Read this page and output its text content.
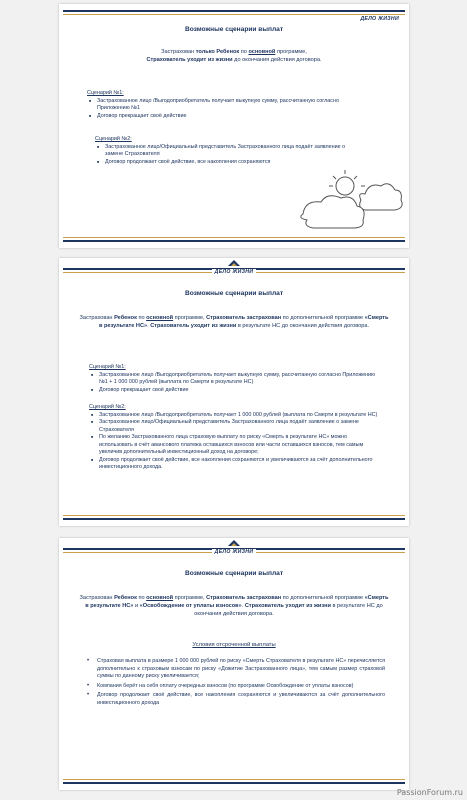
ДЕЛО ЖИЗНИ
Возможные сценарии выплат
Застрахован только Ребенок по основной программе,
Страхователь уходит из жизни до окончания действия договора.
Сценарий №1:
■ Застрахованное лицо /Выгодоприобретатель получает выкупную сумму, рассчитанную согласно Приложению №1
■ Договор прекращает своё действие
Сценарий №2:
■ Застрахованное лицо/Официальный представитель Застрахованного лица подаёт заявление о замене Страхователя
■ Договор продолжает своё действие, все накопления сохраняются
ДЕЛО ЖИЗНИ
Возможные сценарии выплат
Застрахован Ребенок по основной программе, Страхователь застрахован по дополнительной программе «Смерть в результате НС». Страхователь уходит из жизни в результате НС до окончания действия договора.
Сценарий №1:
■ Застрахованное лицо /Выгодоприобретатель получает выкупную сумму, рассчитанную согласно Приложению №1 + 1 000 000 рублей (выплата по Смерти в результате НС)
■ Договор прекращает своё действие
Сценарий №2:
■ Застрахованное лицо /Выгодоприобретатель получает 1 000 000 рублей (выплата по Смерти в результате НС)
■ Застрахованное лицо/Официальный представитель Застрахованного лица подаёт заявление о замене Страхователя
■ По желанию Застрахованного лица страховую выплату по риску «Смерть в результате НС» можно использовать в счёт авансового платежа оставшихся взносов или части оставшихся взносов, тем самым увеличив дополнительный инвестиционный доход на договоре;
■ Договор продолжает своё действие, все накопления сохраняются и увеличиваются за счёт дополнительного инвестиционного дохода.
ДЕЛО ЖИЗНИ
Возможные сценарии выплат
Застрахован Ребенок по основной программе, Страхователь застрахован по дополнительной программе «Смерть в результате НС» и «Освобождение от уплаты взносов». Страхователь уходит из жизни в результате НС до окончания действия договора.
Условия отсроченной выплаты
• Страховая выплата в размере 1 000 000 рублей по риску «Смерть Страхователя в результате НС» перечисляется дополнительно к страховым взносам по риску «Дожитие Застрахованного лица», тем самым размер страховой суммы по данному риску увеличивается;
• Компания берёт на себя оплату очередных взносов (по программе Освобождение от уплаты взносов)
• Договор продолжает своё действие, все накопления сохраняются и увеличиваются за счёт дополнительного инвестиционного дохода
PassionForum.ru
